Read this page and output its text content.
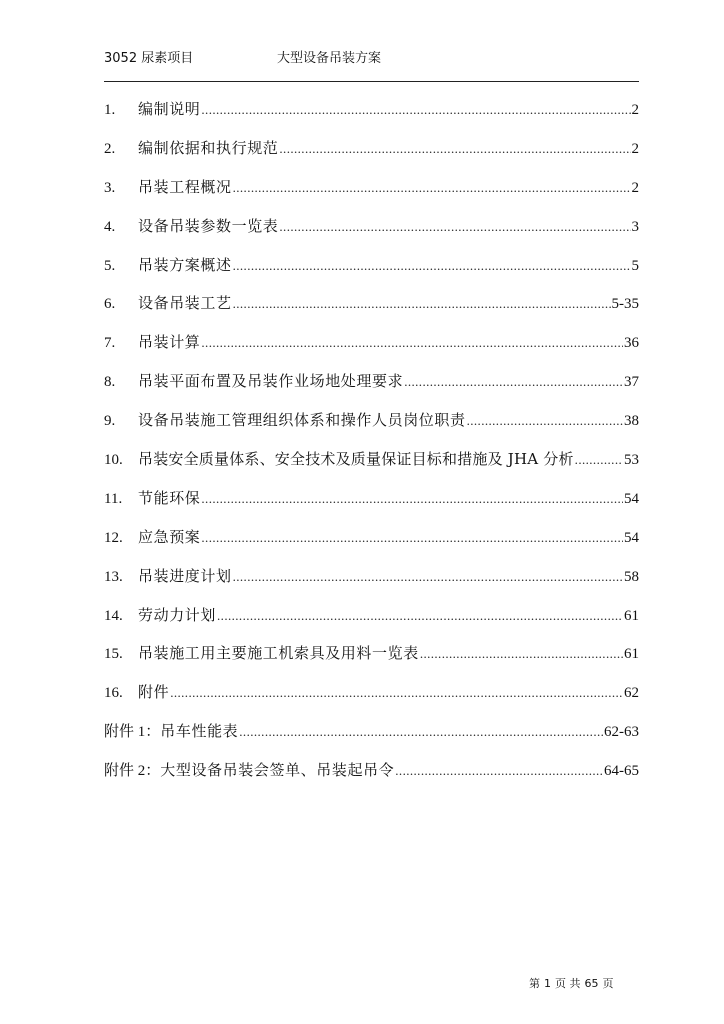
3052 尿素项目	大型设备吊装方案
1.	编制说明 .....	2
2.	编制依据和执行规范 .....	2
3.	吊装工程概况 .....	2
4.	设备吊装参数一览表 .....	3
5.	吊装方案概述 .....	5
6.	设备吊装工艺 .....	5-35
7.	吊装计算 .....	36
8.	吊装平面布置及吊装作业场地处理要求 .....	37
9.	设备吊装施工管理组织体系和操作人员岗位职责 .....	38
10.	吊装安全质量体系、安全技术及质量保证目标和措施及 JHA 分析 .....	53
11.	节能环保 .....	54
12.	应急预案 .....	54
13.	吊装进度计划 .....	58
14.	劳动力计划 .....	61
15.	吊装施工用主要施工机索具及用料一览表 .....	61
16.	附件 .....	62
附件 1： 吊车性能表 .....	62-63
附件 2： 大型设备吊装会签单、吊装起吊令 .....	64-65
第 1 页 共 65 页
